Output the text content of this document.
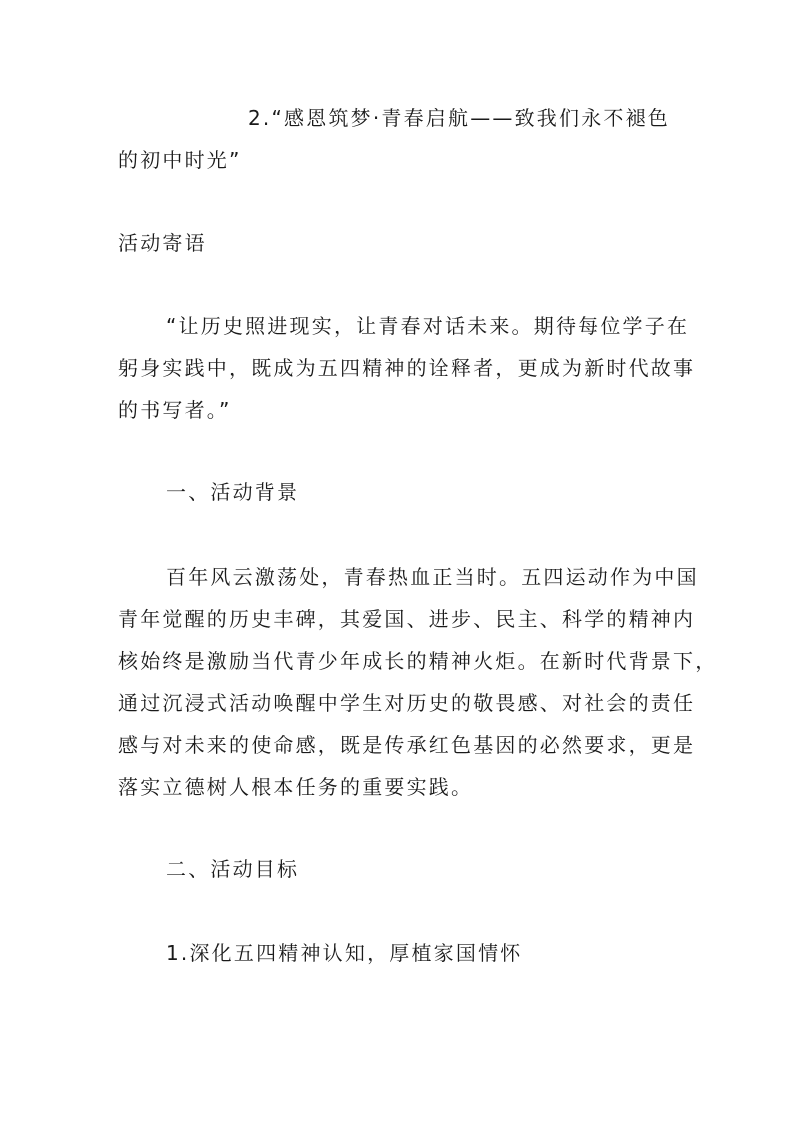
2.“感恩筑梦·青春启航——致我们永不褪色
的初中时光”
活动寄语
“让历史照进现实，让青春对话未来。期待每位学子在
躬身实践中，既成为五四精神的诠释者，更成为新时代故事
的书写者。”
一、活动背景
百年风云激荡处，青春热血正当时。五四运动作为中国
青年觉醒的历史丰碑，其爱国、进步、民主、科学的精神内
核始终是激励当代青少年成长的精神火炬。在新时代背景下，
通过沉浸式活动唤醒中学生对历史的敬畏感、对社会的责任
感与对未来的使命感，既是传承红色基因的必然要求，更是
落实立德树人根本任务的重要实践。
二、活动目标
1.深化五四精神认知，厚植家国情怀
